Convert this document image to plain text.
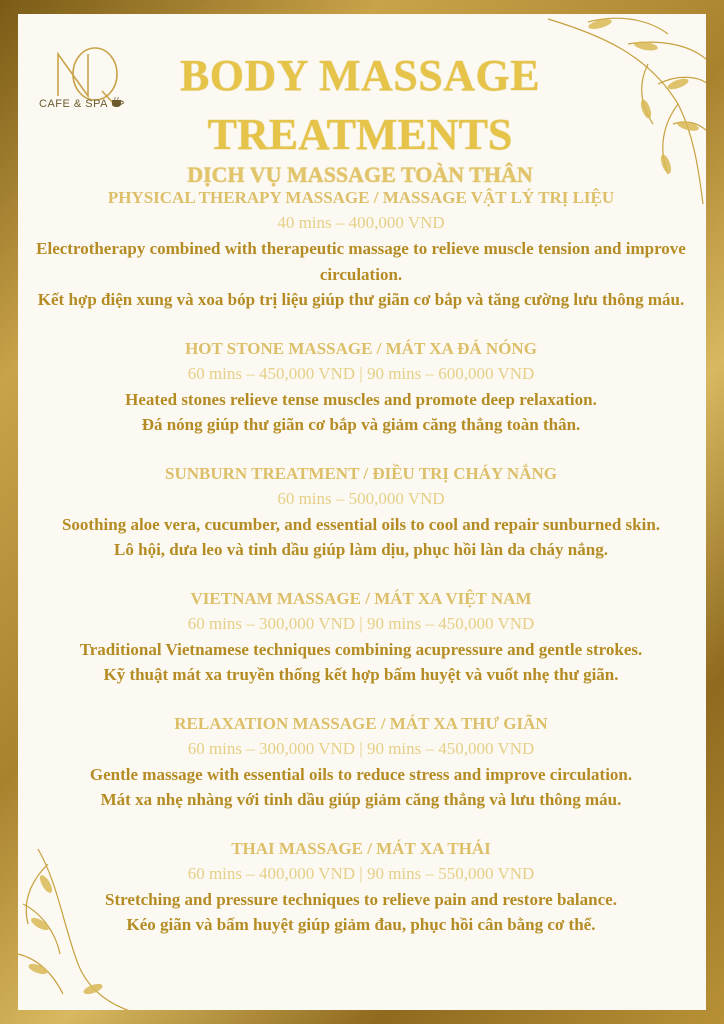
CAFE & SPA
BODY MASSAGE
TREATMENTS
DỊCH VỤ MASSAGE TOÀN THÂN
PHYSICAL THERAPY MASSAGE / MASSAGE VẬT LÝ TRỊ LIỆU
40 mins – 400,000 VND
Electrotherapy combined with therapeutic massage to relieve muscle tension and improve circulation.
Kết hợp điện xung và xoa bóp trị liệu giúp thư giãn cơ bắp và tăng cường lưu thông máu.
HOT STONE MASSAGE / MÁT XA ĐÁ NÓNG
60 mins – 450,000 VND | 90 mins – 600,000 VND
Heated stones relieve tense muscles and promote deep relaxation.
Đá nóng giúp thư giãn cơ bắp và giảm căng thẳng toàn thân.
SUNBURN TREATMENT / ĐIỀU TRỊ CHÁY NẮNG
60 mins – 500,000 VND
Soothing aloe vera, cucumber, and essential oils to cool and repair sunburned skin.
Lô hội, dưa leo và tinh dầu giúp làm dịu, phục hồi làn da cháy nắng.
VIETNAM MASSAGE / MÁT XA VIỆT NAM
60 mins – 300,000 VND | 90 mins – 450,000 VND
Traditional Vietnamese techniques combining acupressure and gentle strokes.
Kỹ thuật mát xa truyền thống kết hợp bấm huyệt và vuốt nhẹ thư giãn.
RELAXATION MASSAGE / MÁT XA THƯ GIÃN
60 mins – 300,000 VND | 90 mins – 450,000 VND
Gentle massage with essential oils to reduce stress and improve circulation.
Mát xa nhẹ nhàng với tinh dầu giúp giảm căng thẳng và lưu thông máu.
THAI MASSAGE / MÁT XA THÁI
60 mins – 400,000 VND | 90 mins – 550,000 VND
Stretching and pressure techniques to relieve pain and restore balance.
Kéo giãn và bấm huyệt giúp giảm đau, phục hồi cân bằng cơ thể.
